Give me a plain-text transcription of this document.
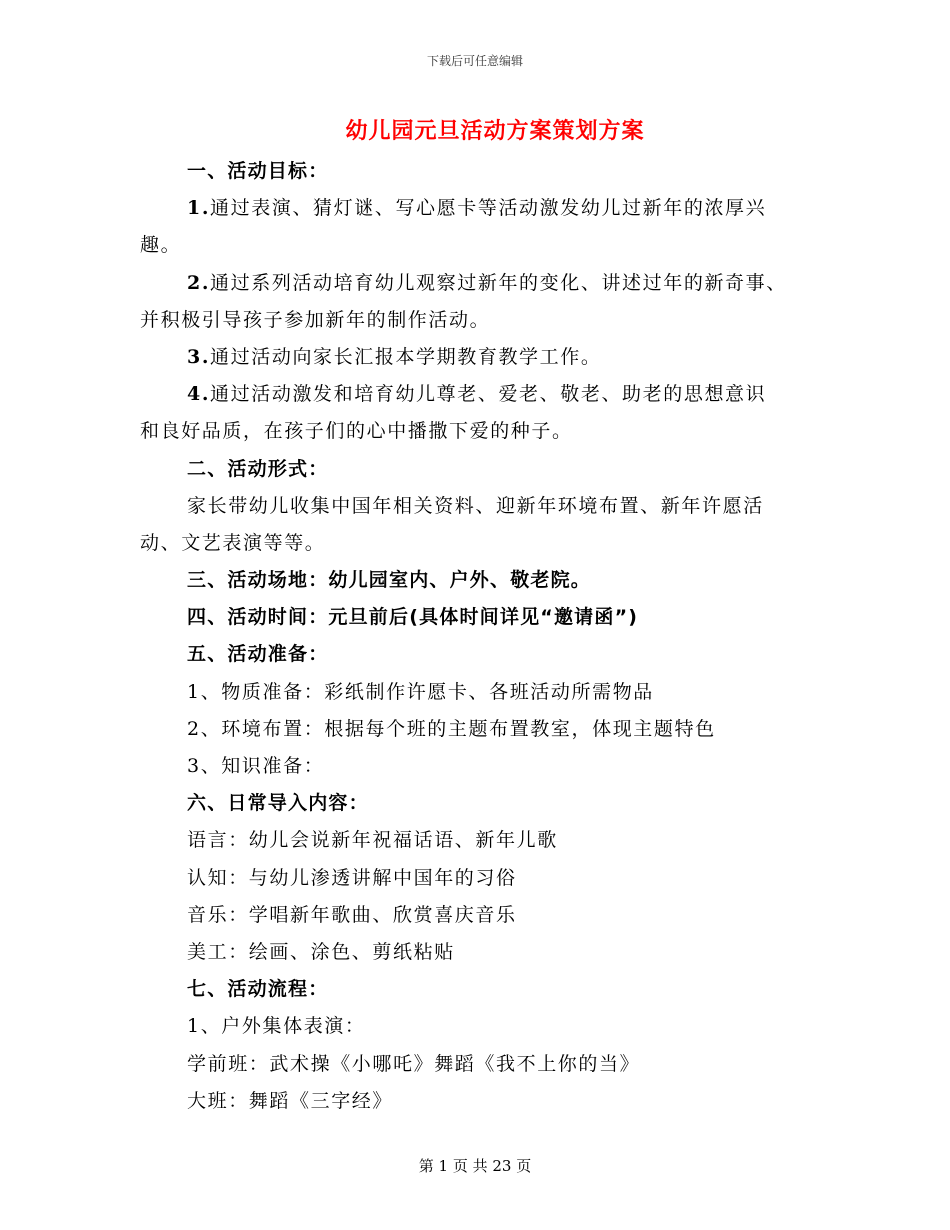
下载后可任意编辑
幼儿园元旦活动方案策划方案
一、活动目标：
1.通过表演、猜灯谜、写心愿卡等活动激发幼儿过新年的浓厚兴
趣。
2.通过系列活动培育幼儿观察过新年的变化、讲述过年的新奇事、
并积极引导孩子参加新年的制作活动。
3.通过活动向家长汇报本学期教育教学工作。
4.通过活动激发和培育幼儿尊老、爱老、敬老、助老的思想意识
和良好品质，在孩子们的心中播撒下爱的种子。
二、活动形式：
家长带幼儿收集中国年相关资料、迎新年环境布置、新年许愿活
动、文艺表演等等。
三、活动场地：幼儿园室内、户外、敬老院。
四、活动时间：元旦前后(具体时间详见“邀请函”)
五、活动准备：
1、物质准备：彩纸制作许愿卡、各班活动所需物品
2、环境布置：根据每个班的主题布置教室，体现主题特色
3、知识准备：
六、日常导入内容：
语言：幼儿会说新年祝福话语、新年儿歌
认知：与幼儿渗透讲解中国年的习俗
音乐：学唱新年歌曲、欣赏喜庆音乐
美工：绘画、涂色、剪纸粘贴
七、活动流程：
1、户外集体表演：
学前班：武术操《小哪吒》舞蹈《我不上你的当》
大班：舞蹈《三字经》
第 1 页 共 23 页
